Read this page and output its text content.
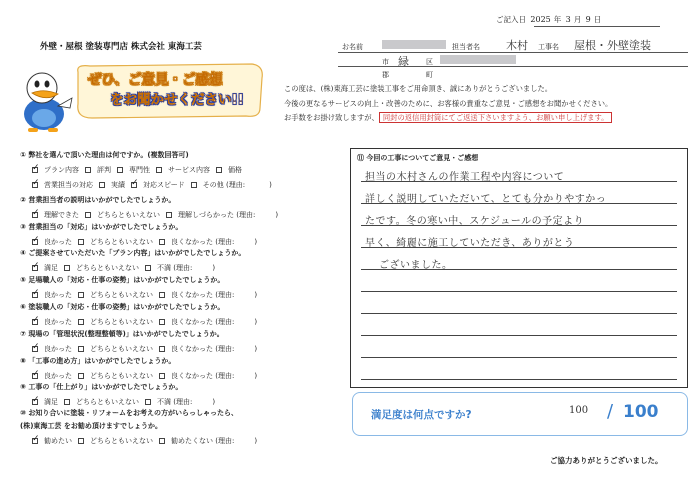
ご記入日 2025 年 3 月 9 日
外壁・屋根 塗装専門店 株式会社 東海工芸
ぜひ、ご意見・ご感想
をお聞かせください!!
お名前	担当者名 木村 工事名 屋根・外壁塗装
市 緑 区
郡	町
この度は、(株)東海工芸に塗装工事をご用命頂き、誠にありがとうございました。
今後の更なるサービスの向上・改善のために、お客様の貴重なご意見・ご感想をお聞かせください。
お手数をお掛け致しますが、 同封の返信用封筒にてご返送下さいますよう、お願い申し上げます。
① 弊社を選んで頂いた理由は何ですか。(複数回答可)
✓プラン内容	評判	専門性	サービス内容	価格
✓営業担当の対応	実績✓	対応スピード	その他 (理由:	)
② 営業担当者の説明はいかがでしたでしょうか。
✓理解できた	どちらともいえない	理解しづらかった (理由:	)
③ 営業担当の「対応」はいかがでしたでしょうか。
✓良かった	どちらともいえない	良くなかった (理由:	)
④ ご提案させていただいた「プラン内容」はいかがでしたでしょうか。
✓満足	どちらともいえない	不満 (理由:	)
⑤ 足場職人の「対応・仕事の姿勢」はいかがでしたでしょうか。
✓良かった	どちらともいえない	良くなかった (理由:	)
⑥ 塗装職人の「対応・仕事の姿勢」はいかがでしたでしょうか。
✓良かった	どちらともいえない	良くなかった (理由:	)
⑦ 現場の「管理状況(整理整頓等)」はいかがでしたでしょうか。
✓良かった	どちらともいえない	良くなかった (理由:	)
⑧ 「工事の進め方」はいかがでしたでしょうか。
✓良かった	どちらともいえない	良くなかった (理由:	)
⑨ 工事の「仕上がり」はいかがでしたでしょうか。
✓満足	どちらともいえない	不満 (理由:	)
⑩ お知り合いに塗装・リフォームをお考えの方がいらっしゃったら、
(株)東海工芸 をお勧め頂けますでしょうか。
✓勧めたい	どちらともいえない	勧めたくない (理由:	)
⑪ 今回の工事についてご意見・ご感想
担当の木村さんの作業工程や内容について
詳しく説明していただいて、とても分かりやすかっ
たです。冬の寒い中、スケジュールの予定より
早く、綺麗に施工していただき、ありがとう
ございました。
満足度は何点ですか?	100 / 100
ご協力ありがとうございました。
